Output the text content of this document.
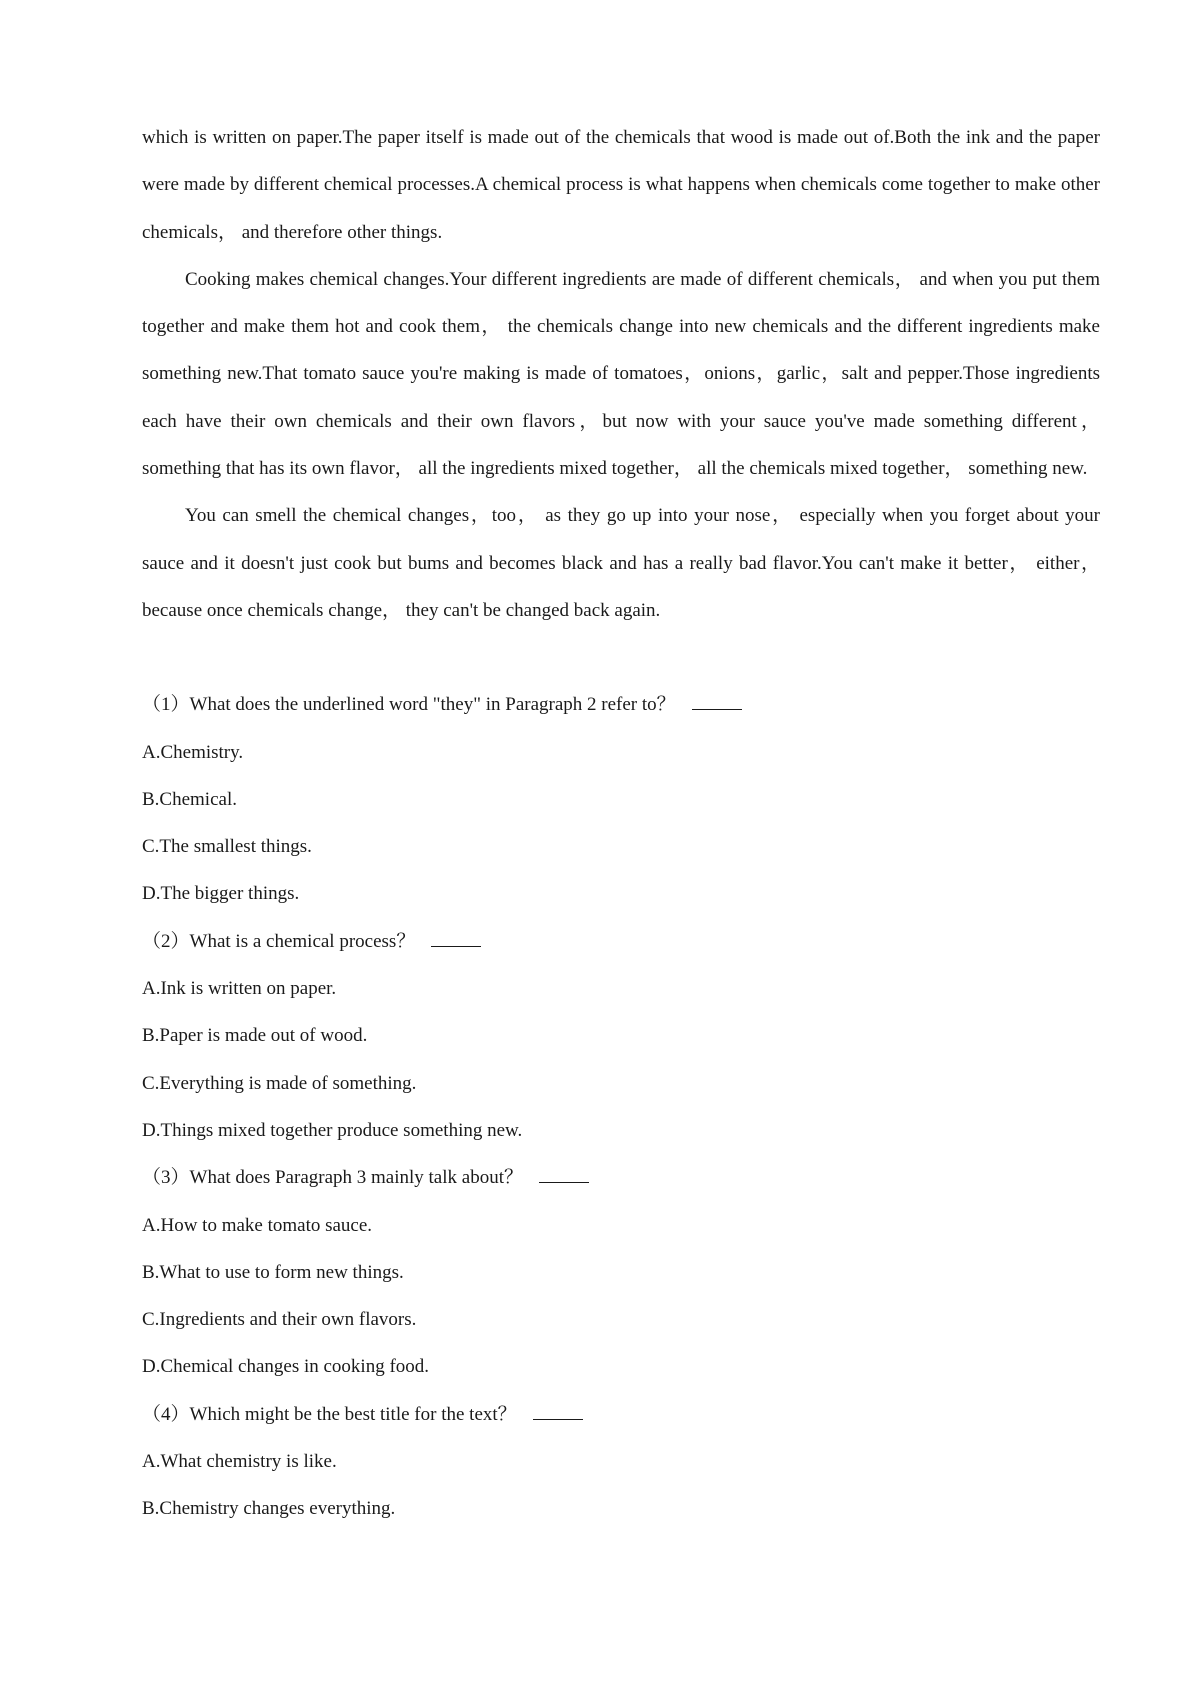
which is written on paper.The paper itself is made out of the chemicals that wood is made out of.Both the ink and the paper were made by different chemical processes.A chemical process is what happens when chemicals come together to make other chemicals， and therefore other things.

Cooking makes chemical changes.Your different ingredients are made of different chemicals， and when you put them together and make them hot and cook them， the chemicals change into new chemicals and the different ingredients make something new.That tomato sauce you're making is made of tomatoes，onions，garlic，salt and pepper.Those ingredients each have their own chemicals and their own flavors，but now with your sauce you've made something different， something that has its own flavor， all the ingredients mixed together， all the chemicals mixed together， something new.

You can smell the chemical changes，too， as they go up into your nose， especially when you forget about your sauce and it doesn't just cook but bums and becomes black and has a really bad flavor.You can't make it better， either， because once chemicals change， they can't be changed back again.

（1）What does the underlined word "they" in Paragraph 2 refer to？

A.Chemistry.

B.Chemical.

C.The smallest things.

D.The bigger things.

（2）What is a chemical process？

A.Ink is written on paper.

B.Paper is made out of wood.

C.Everything is made of something.

D.Things mixed together produce something new.

（3）What does Paragraph 3 mainly talk about？

A.How to make tomato sauce.

B.What to use to form new things.

C.Ingredients and their own flavors.

D.Chemical changes in cooking food.

（4）Which might be the best title for the text？

A.What chemistry is like.

B.Chemistry changes everything.
